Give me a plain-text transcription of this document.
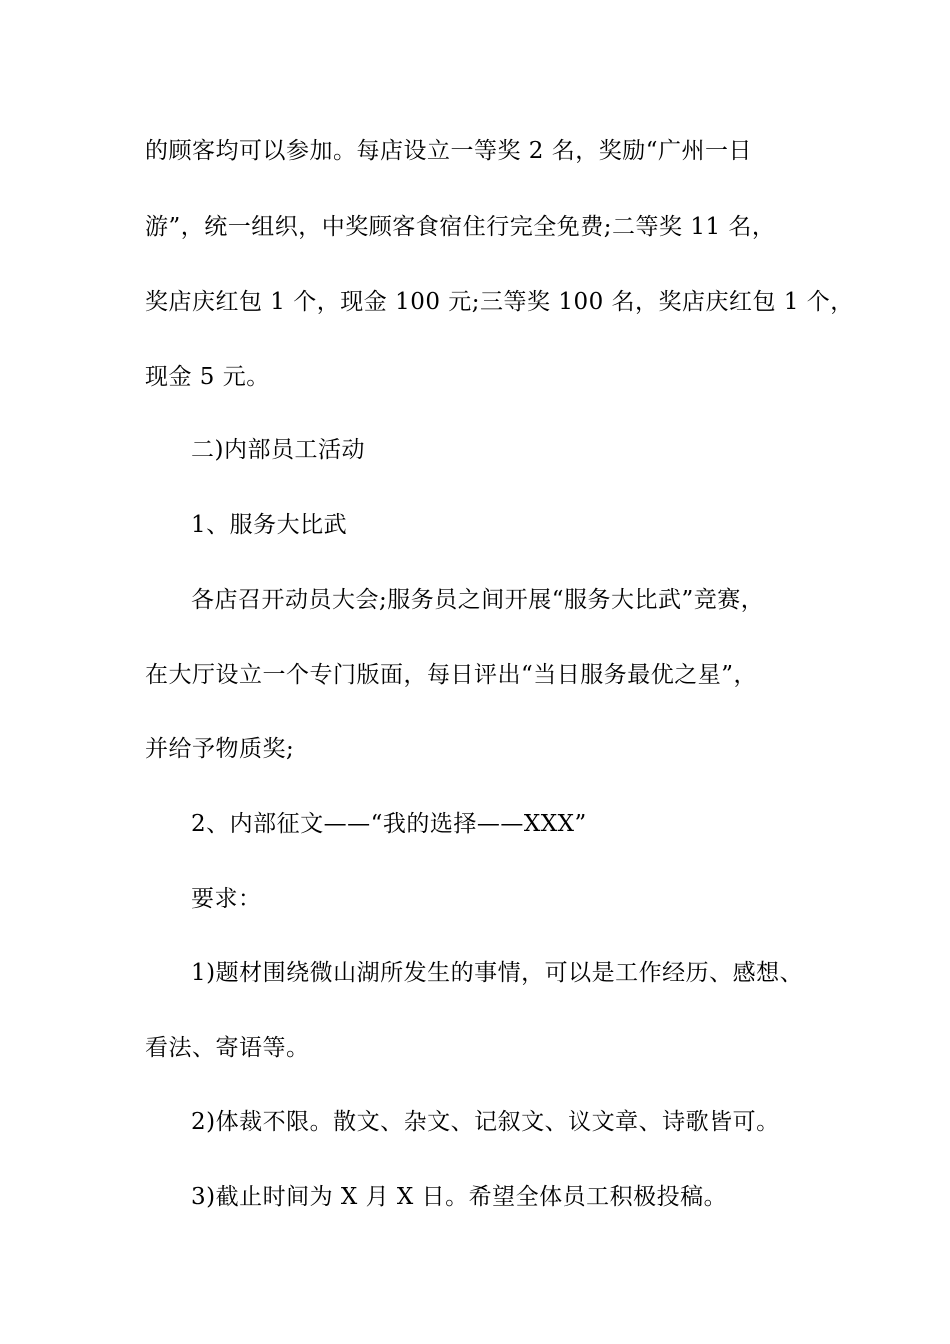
的顾客均可以参加。每店设立一等奖 2 名，奖励“广州一日
游”，统一组织，中奖顾客食宿住行完全免费;二等奖 11 名，
奖店庆红包 1 个，现金 100 元;三等奖 100 名，奖店庆红包 1 个，
现金 5 元。
二)内部员工活动
1、服务大比武
各店召开动员大会;服务员之间开展“服务大比武”竞赛，
在大厅设立一个专门版面，每日评出“当日服务最优之星”，
并给予物质奖;
2、内部征文——“我的选择——XXX”
要求：
1)题材围绕微山湖所发生的事情，可以是工作经历、感想、
看法、寄语等。
2)体裁不限。散文、杂文、记叙文、议文章、诗歌皆可。
3)截止时间为 X 月 X 日。希望全体员工积极投稿。
